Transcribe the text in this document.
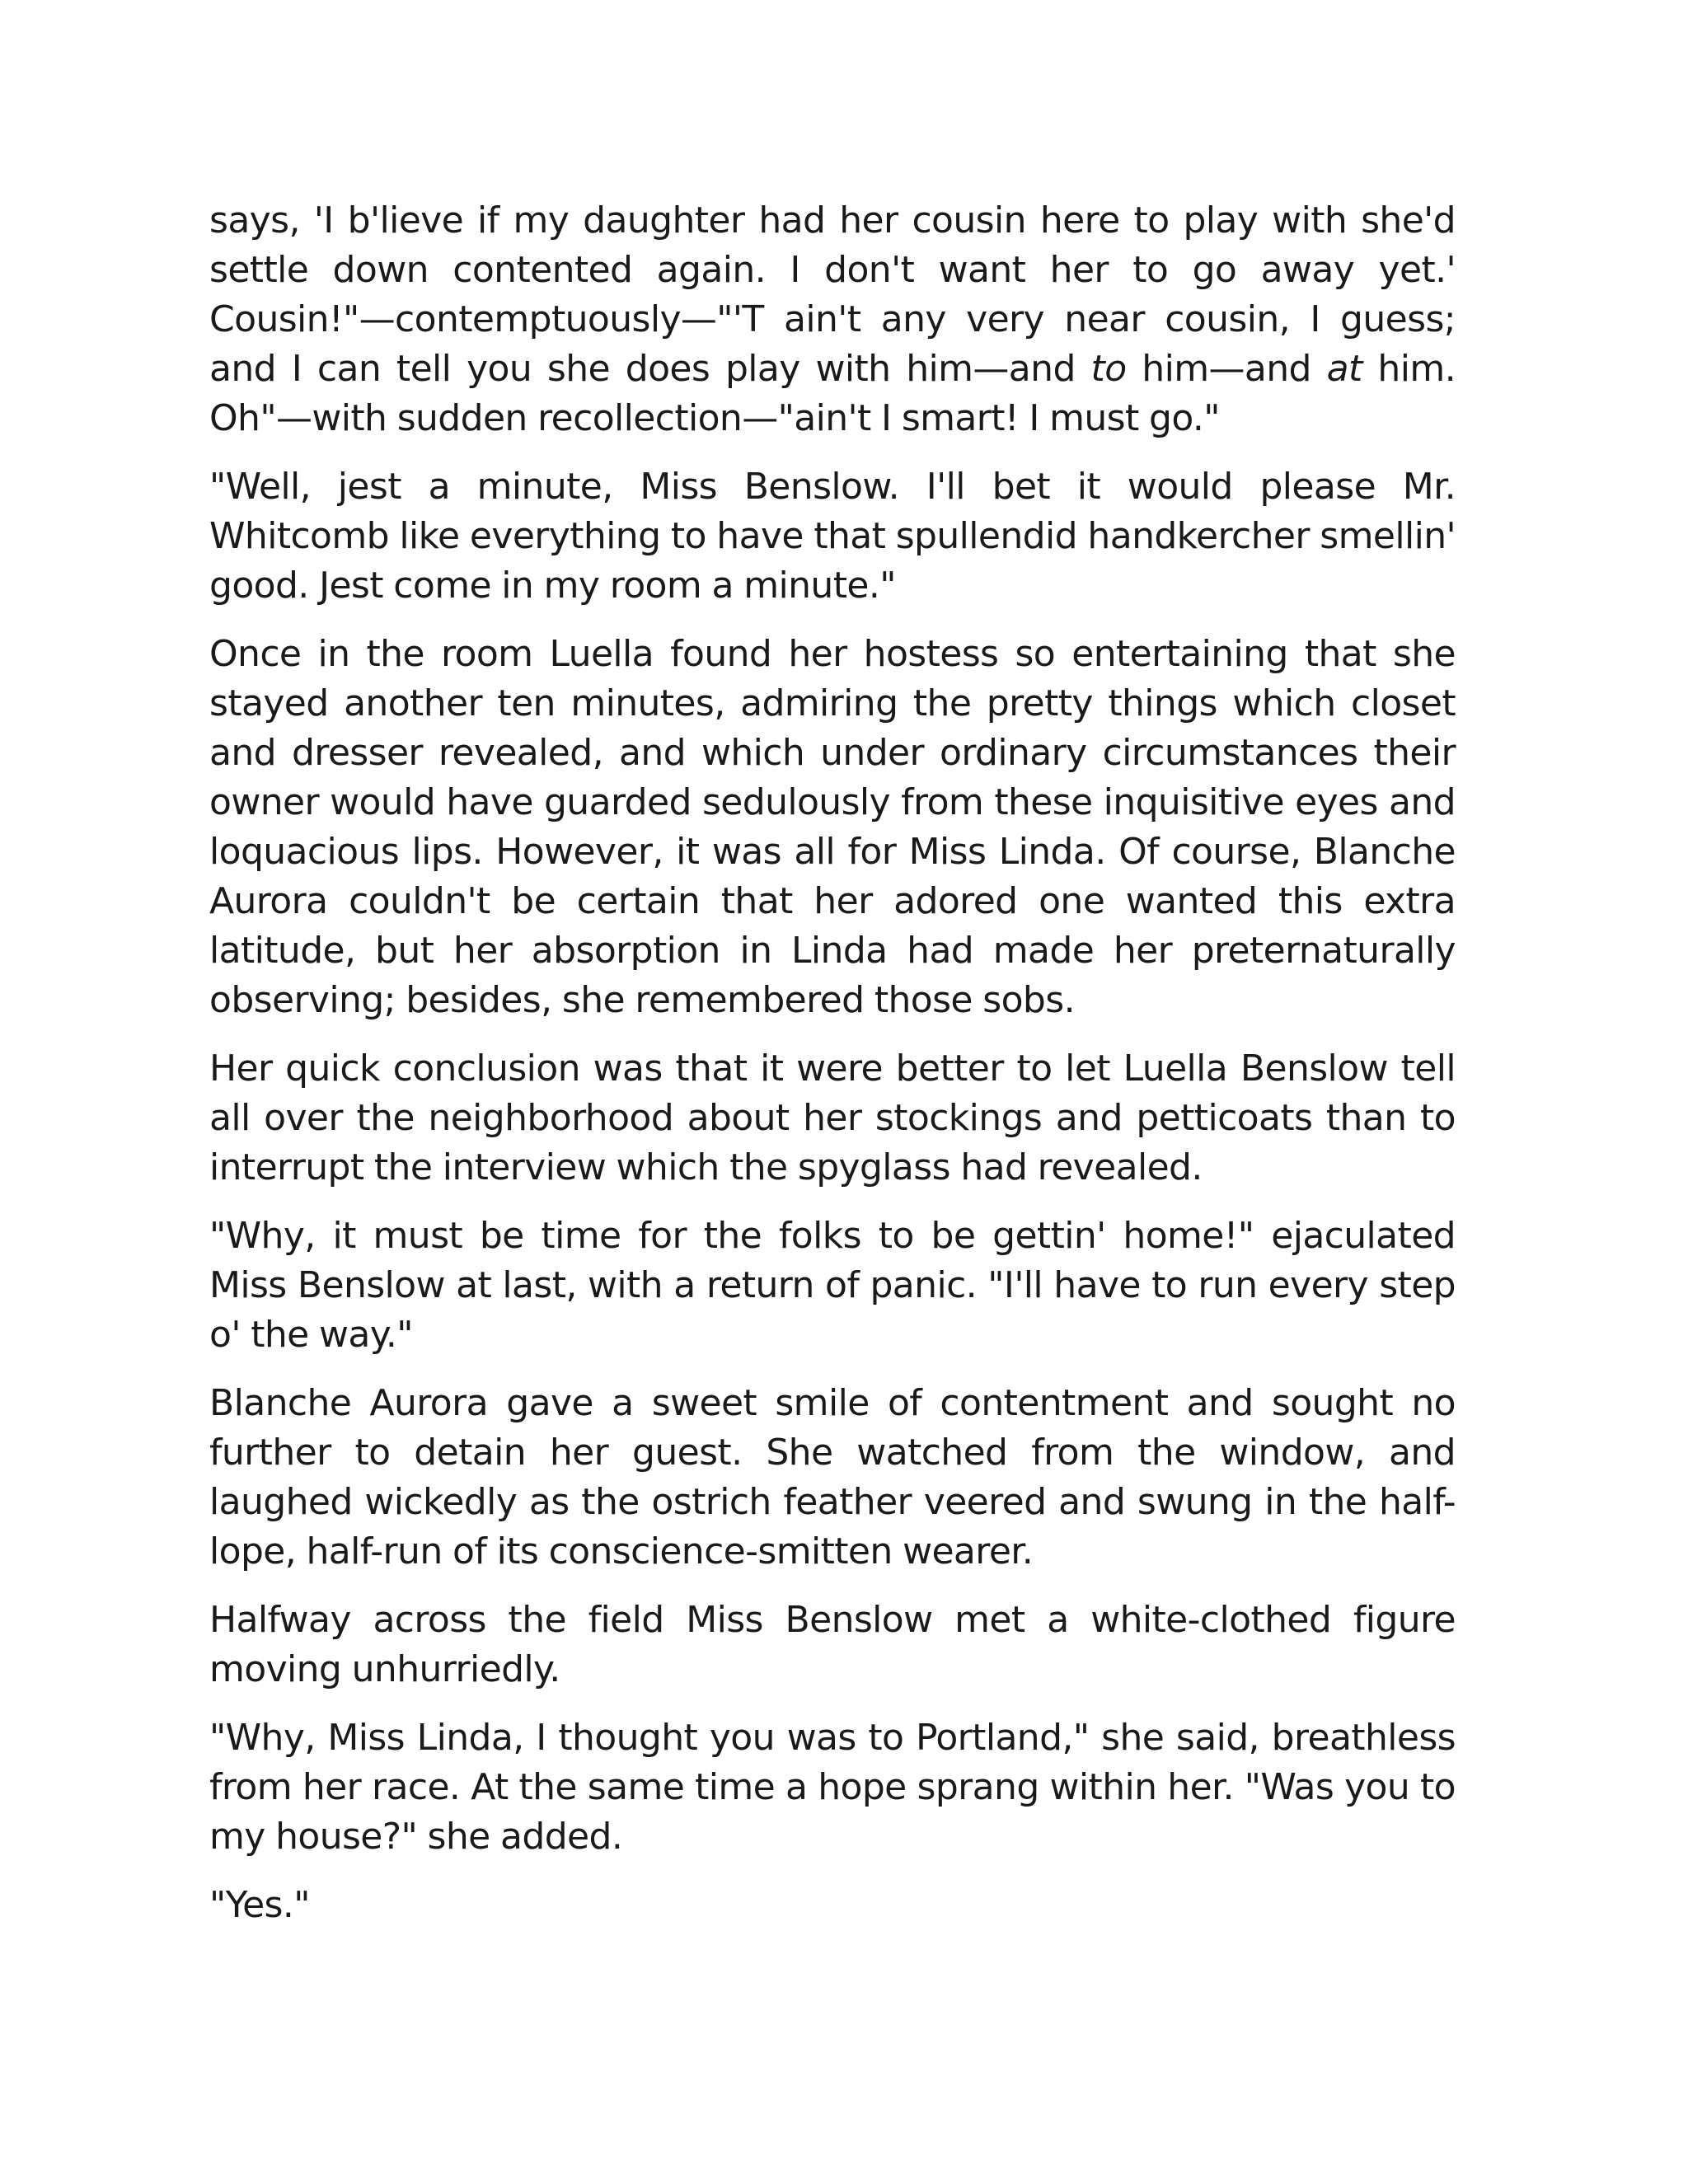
says, 'I b'lieve if my daughter had her cousin here to play with she'd settle down contented again. I don't want her to go away yet.' Cousin!"—contemptuously—"'T ain't any very near cousin, I guess; and I can tell you she does play with him—and to him—and at him. Oh"—with sudden recollection—"ain't I smart! I must go."

"Well, jest a minute, Miss Benslow. I'll bet it would please Mr. Whitcomb like everything to have that spullendid handkercher smellin' good. Jest come in my room a minute."

Once in the room Luella found her hostess so entertaining that she stayed another ten minutes, admiring the pretty things which closet and dresser revealed, and which under ordinary circumstances their owner would have guarded sedulously from these inquisitive eyes and loquacious lips. However, it was all for Miss Linda. Of course, Blanche Aurora couldn't be certain that her adored one wanted this extra latitude, but her absorption in Linda had made her preternaturally observing; besides, she remembered those sobs.

Her quick conclusion was that it were better to let Luella Benslow tell all over the neighborhood about her stockings and petticoats than to interrupt the interview which the spyglass had revealed.

"Why, it must be time for the folks to be gettin' home!" ejaculated Miss Benslow at last, with a return of panic. "I'll have to run every step o' the way."

Blanche Aurora gave a sweet smile of contentment and sought no further to detain her guest. She watched from the window, and laughed wickedly as the ostrich feather veered and swung in the half-lope, half-run of its conscience-smitten wearer.

Halfway across the field Miss Benslow met a white-clothed figure moving unhurriedly.

"Why, Miss Linda, I thought you was to Portland," she said, breathless from her race. At the same time a hope sprang within her. "Was you to my house?" she added.

"Yes."
